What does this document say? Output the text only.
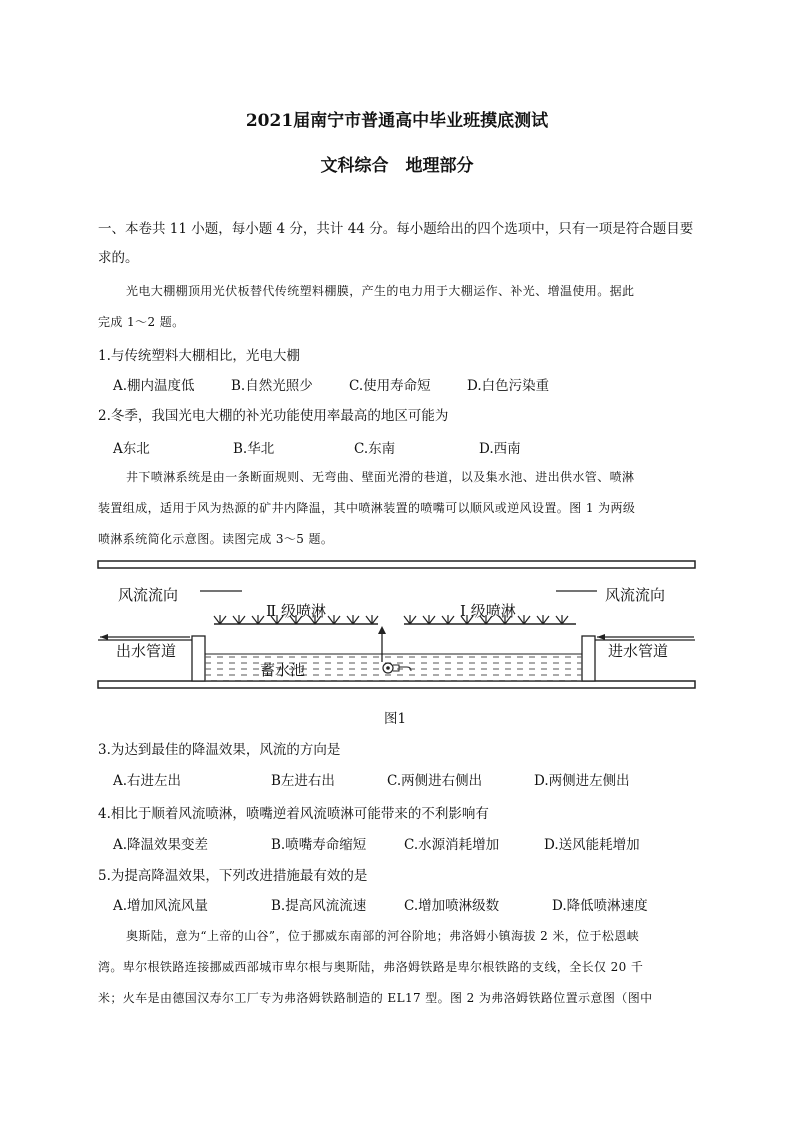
2021届南宁市普通高中毕业班摸底测试
文科综合　地理部分
一、本卷共 11 小题，每小题 4 分，共计 44 分。每小题给出的四个选项中，只有一项是符合题目要
求的。
光电大棚棚顶用光伏板替代传统塑料棚膜，产生的电力用于大棚运作、补光、增温使用。据此
完成 1～2 题。
1.与传统塑料大棚相比，光电大棚
A.棚内温度低	B.自然光照少	C.使用寿命短	D.白色污染重
2.冬季，我国光电大棚的补光功能使用率最高的地区可能为
A东北	B.华北	C.东南	D.西南
井下喷淋系统是由一条断面规则、无弯曲、壁面光滑的巷道，以及集水池、进出供水管、喷淋
装置组成，适用于风为热源的矿井内降温，其中喷淋装置的喷嘴可以顺风或逆风设置。图 1 为两级
喷淋系统简化示意图。读图完成 3～5 题。
风流流向	风流流向
Ⅱ 级喷淋	Ⅰ 级喷淋
出水管道	进水管道
蓄水池
图1
3.为达到最佳的降温效果，风流的方向是
A.右进左出	B左进右出	C.两侧进右侧出	D.两侧进左侧出
4.相比于顺着风流喷淋，喷嘴逆着风流喷淋可能带来的不利影响有
A.降温效果变差	B.喷嘴寿命缩短	C.水源消耗增加	D.送风能耗增加
5.为提高降温效果，下列改进措施最有效的是
A.增加风流风量	B.提高风流流速	C.增加喷淋级数	D.降低喷淋速度
奥斯陆，意为“上帝的山谷”，位于挪威东南部的河谷阶地；弗洛姆小镇海拔 2 米，位于松恩峡
湾。卑尔根铁路连接挪威西部城市卑尔根与奥斯陆，弗洛姆铁路是卑尔根铁路的支线，全长仅 20 千
米；火车是由德国汉寿尔工厂专为弗洛姆铁路制造的 EL17 型。图 2 为弗洛姆铁路位置示意图（图中
